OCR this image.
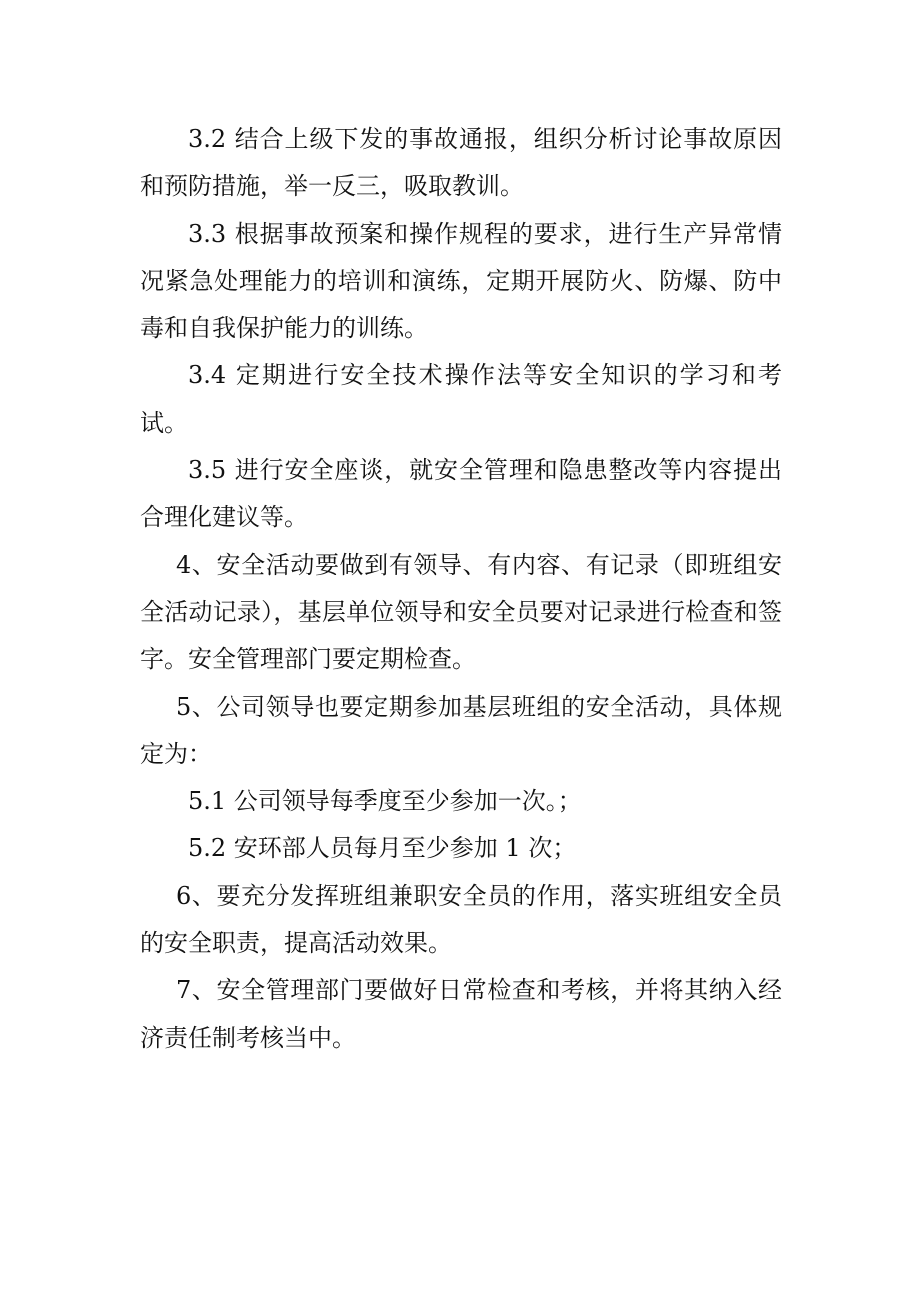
3.2 结合上级下发的事故通报，组织分析讨论事故原因和预防措施，举一反三，吸取教训。

3.3 根据事故预案和操作规程的要求，进行生产异常情况紧急处理能力的培训和演练，定期开展防火、防爆、防中毒和自我保护能力的训练。

3.4 定期进行安全技术操作法等安全知识的学习和考试。

3.5 进行安全座谈，就安全管理和隐患整改等内容提出合理化建议等。

4、安全活动要做到有领导、有内容、有记录（即班组安全活动记录），基层单位领导和安全员要对记录进行检查和签字。安全管理部门要定期检查。

5、公司领导也要定期参加基层班组的安全活动，具体规定为：

5.1 公司领导每季度至少参加一次。；

5.2 安环部人员每月至少参加 1 次；

6、要充分发挥班组兼职安全员的作用，落实班组安全员的安全职责，提高活动效果。

7、安全管理部门要做好日常检查和考核，并将其纳入经济责任制考核当中。
